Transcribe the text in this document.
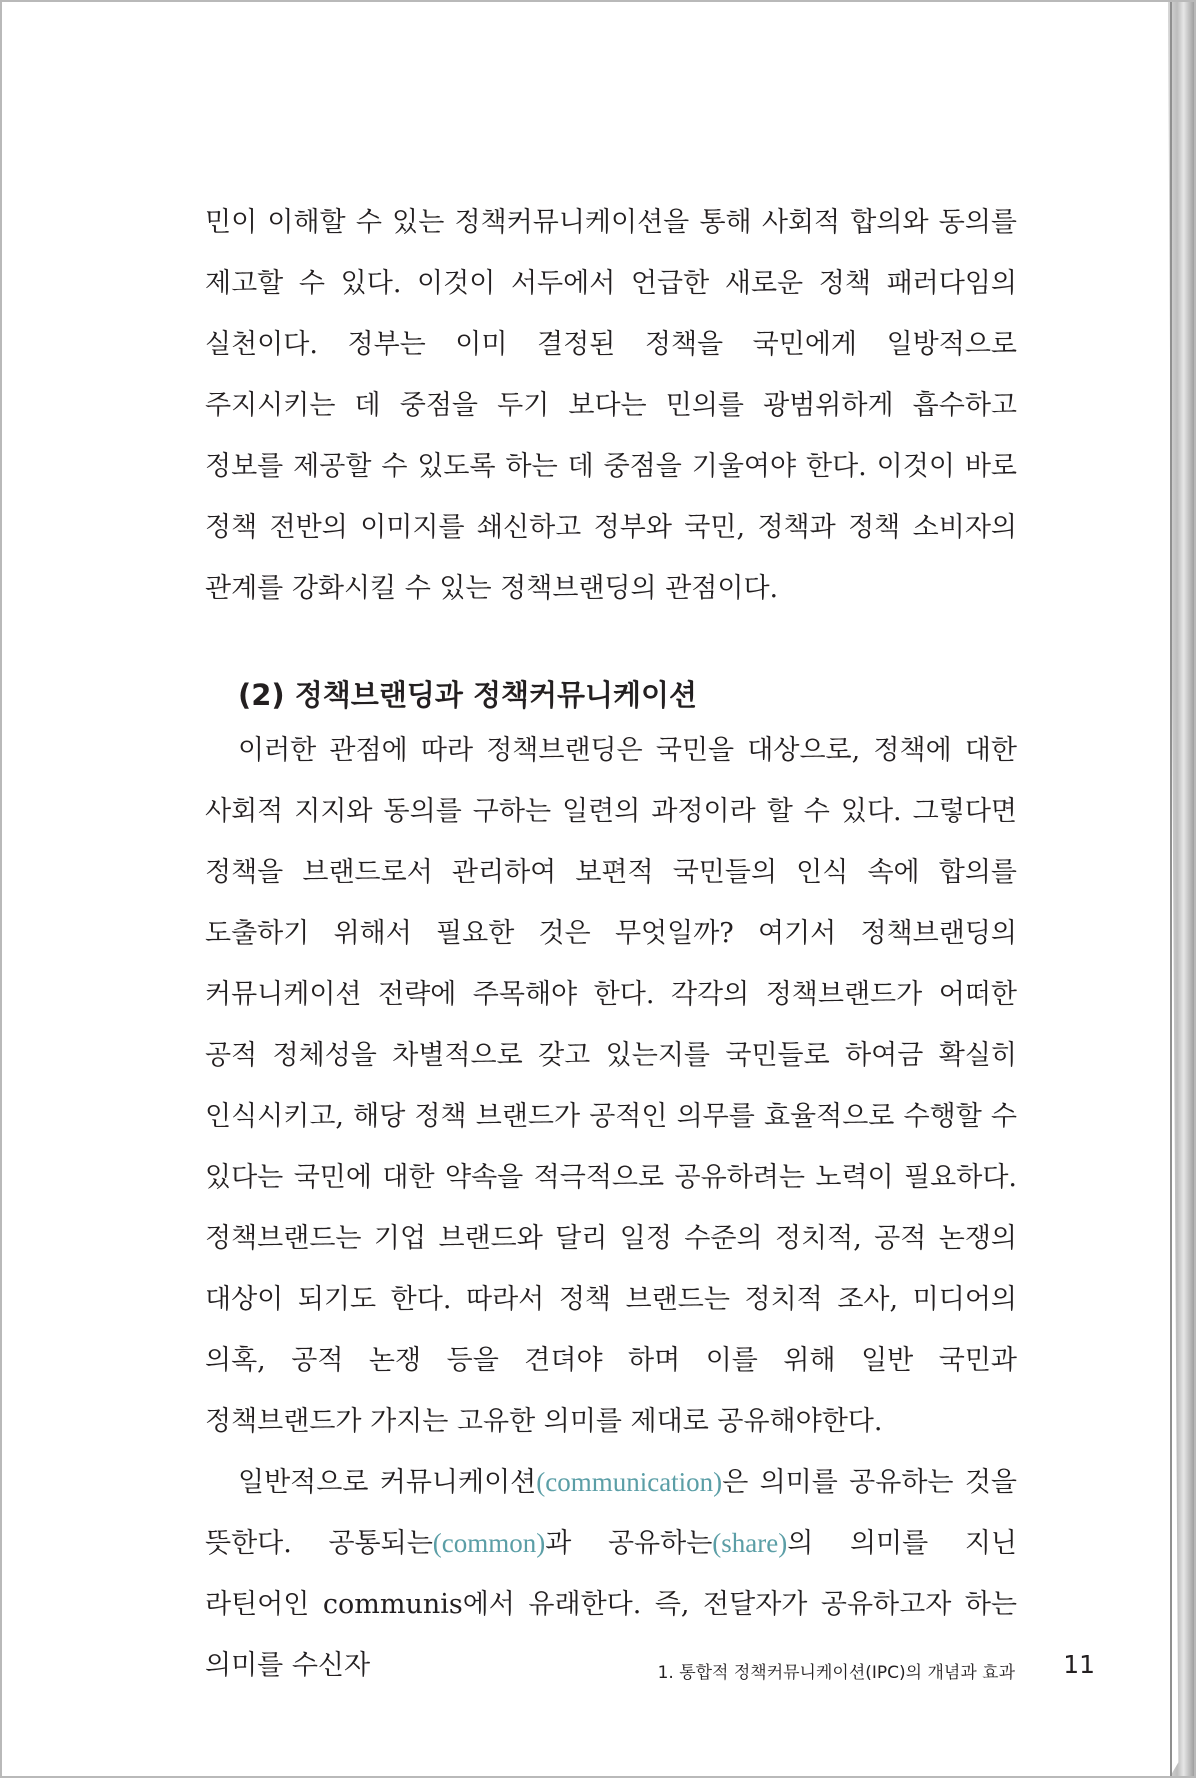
민이 이해할 수 있는 정책커뮤니케이션을 통해 사회적 합의와 동의를 제고할 수 있다. 이것이 서두에서 언급한 새로운 정책 패러다임의 실천이다. 정부는 이미 결정된 정책을 국민에게 일방적으로 주지시키는 데 중점을 두기 보다는 민의를 광범위하게 흡수하고 정보를 제공할 수 있도록 하는 데 중점을 기울여야 한다. 이것이 바로 정책 전반의 이미지를 쇄신하고 정부와 국민, 정책과 정책 소비자의 관계를 강화시킬 수 있는 정책브랜딩의 관점이다.

(2) 정책브랜딩과 정책커뮤니케이션

이러한 관점에 따라 정책브랜딩은 국민을 대상으로, 정책에 대한 사회적 지지와 동의를 구하는 일련의 과정이라 할 수 있다. 그렇다면 정책을 브랜드로서 관리하여 보편적 국민들의 인식 속에 합의를 도출하기 위해서 필요한 것은 무엇일까? 여기서 정책브랜딩의 커뮤니케이션 전략에 주목해야 한다. 각각의 정책브랜드가 어떠한 공적 정체성을 차별적으로 갖고 있는지를 국민들로 하여금 확실히 인식시키고, 해당 정책 브랜드가 공적인 의무를 효율적으로 수행할 수 있다는 국민에 대한 약속을 적극적으로 공유하려는 노력이 필요하다. 정책브랜드는 기업 브랜드와 달리 일정 수준의 정치적, 공적 논쟁의 대상이 되기도 한다. 따라서 정책 브랜드는 정치적 조사, 미디어의 의혹, 공적 논쟁 등을 견뎌야 하며 이를 위해 일반 국민과 정책브랜드가 가지는 고유한 의미를 제대로 공유해야한다.

일반적으로 커뮤니케이션(communication)은 의미를 공유하는 것을 뜻한다. 공통되는(common)과 공유하는(share)의 의미를 지닌 라틴어인 communis에서 유래한다. 즉, 전달자가 공유하고자 하는 의미를 수신자	1. 통합적 정책커뮤니케이션(IPC)의 개념과 효과 11
